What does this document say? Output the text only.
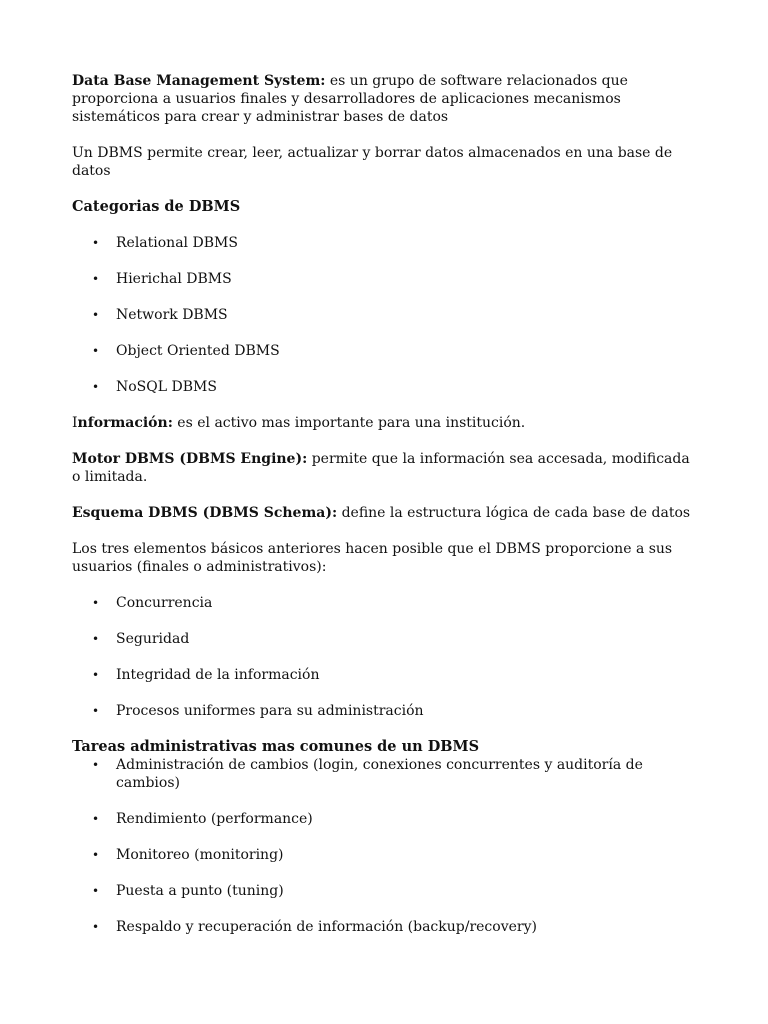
Data Base Management System: es un grupo de software relacionados que proporciona a usuarios finales y desarrolladores de aplicaciones mecanismos sistemáticos para crear y administrar bases de datos

Un DBMS permite crear, leer, actualizar y borrar datos almacenados en una base de datos

Categorias de DBMS

• Relational DBMS
• Hierichal DBMS
• Network DBMS
• Object Oriented DBMS
• NoSQL DBMS

Información: es el activo mas importante para una institución.

Motor DBMS (DBMS Engine): permite que la información sea accesada, modificada o limitada.

Esquema DBMS (DBMS Schema): define la estructura lógica de cada base de datos

Los tres elementos básicos anteriores hacen posible que el DBMS proporcione a sus usuarios (finales o administrativos):

• Concurrencia
• Seguridad
• Integridad de la información
• Procesos uniformes para su administración

Tareas administrativas mas comunes de un DBMS

• Administración de cambios (login, conexiones concurrentes y auditoría de cambios)
• Rendimiento (performance)
• Monitoreo (monitoring)
• Puesta a punto (tuning)
• Respaldo y recuperación de información (backup/recovery)
